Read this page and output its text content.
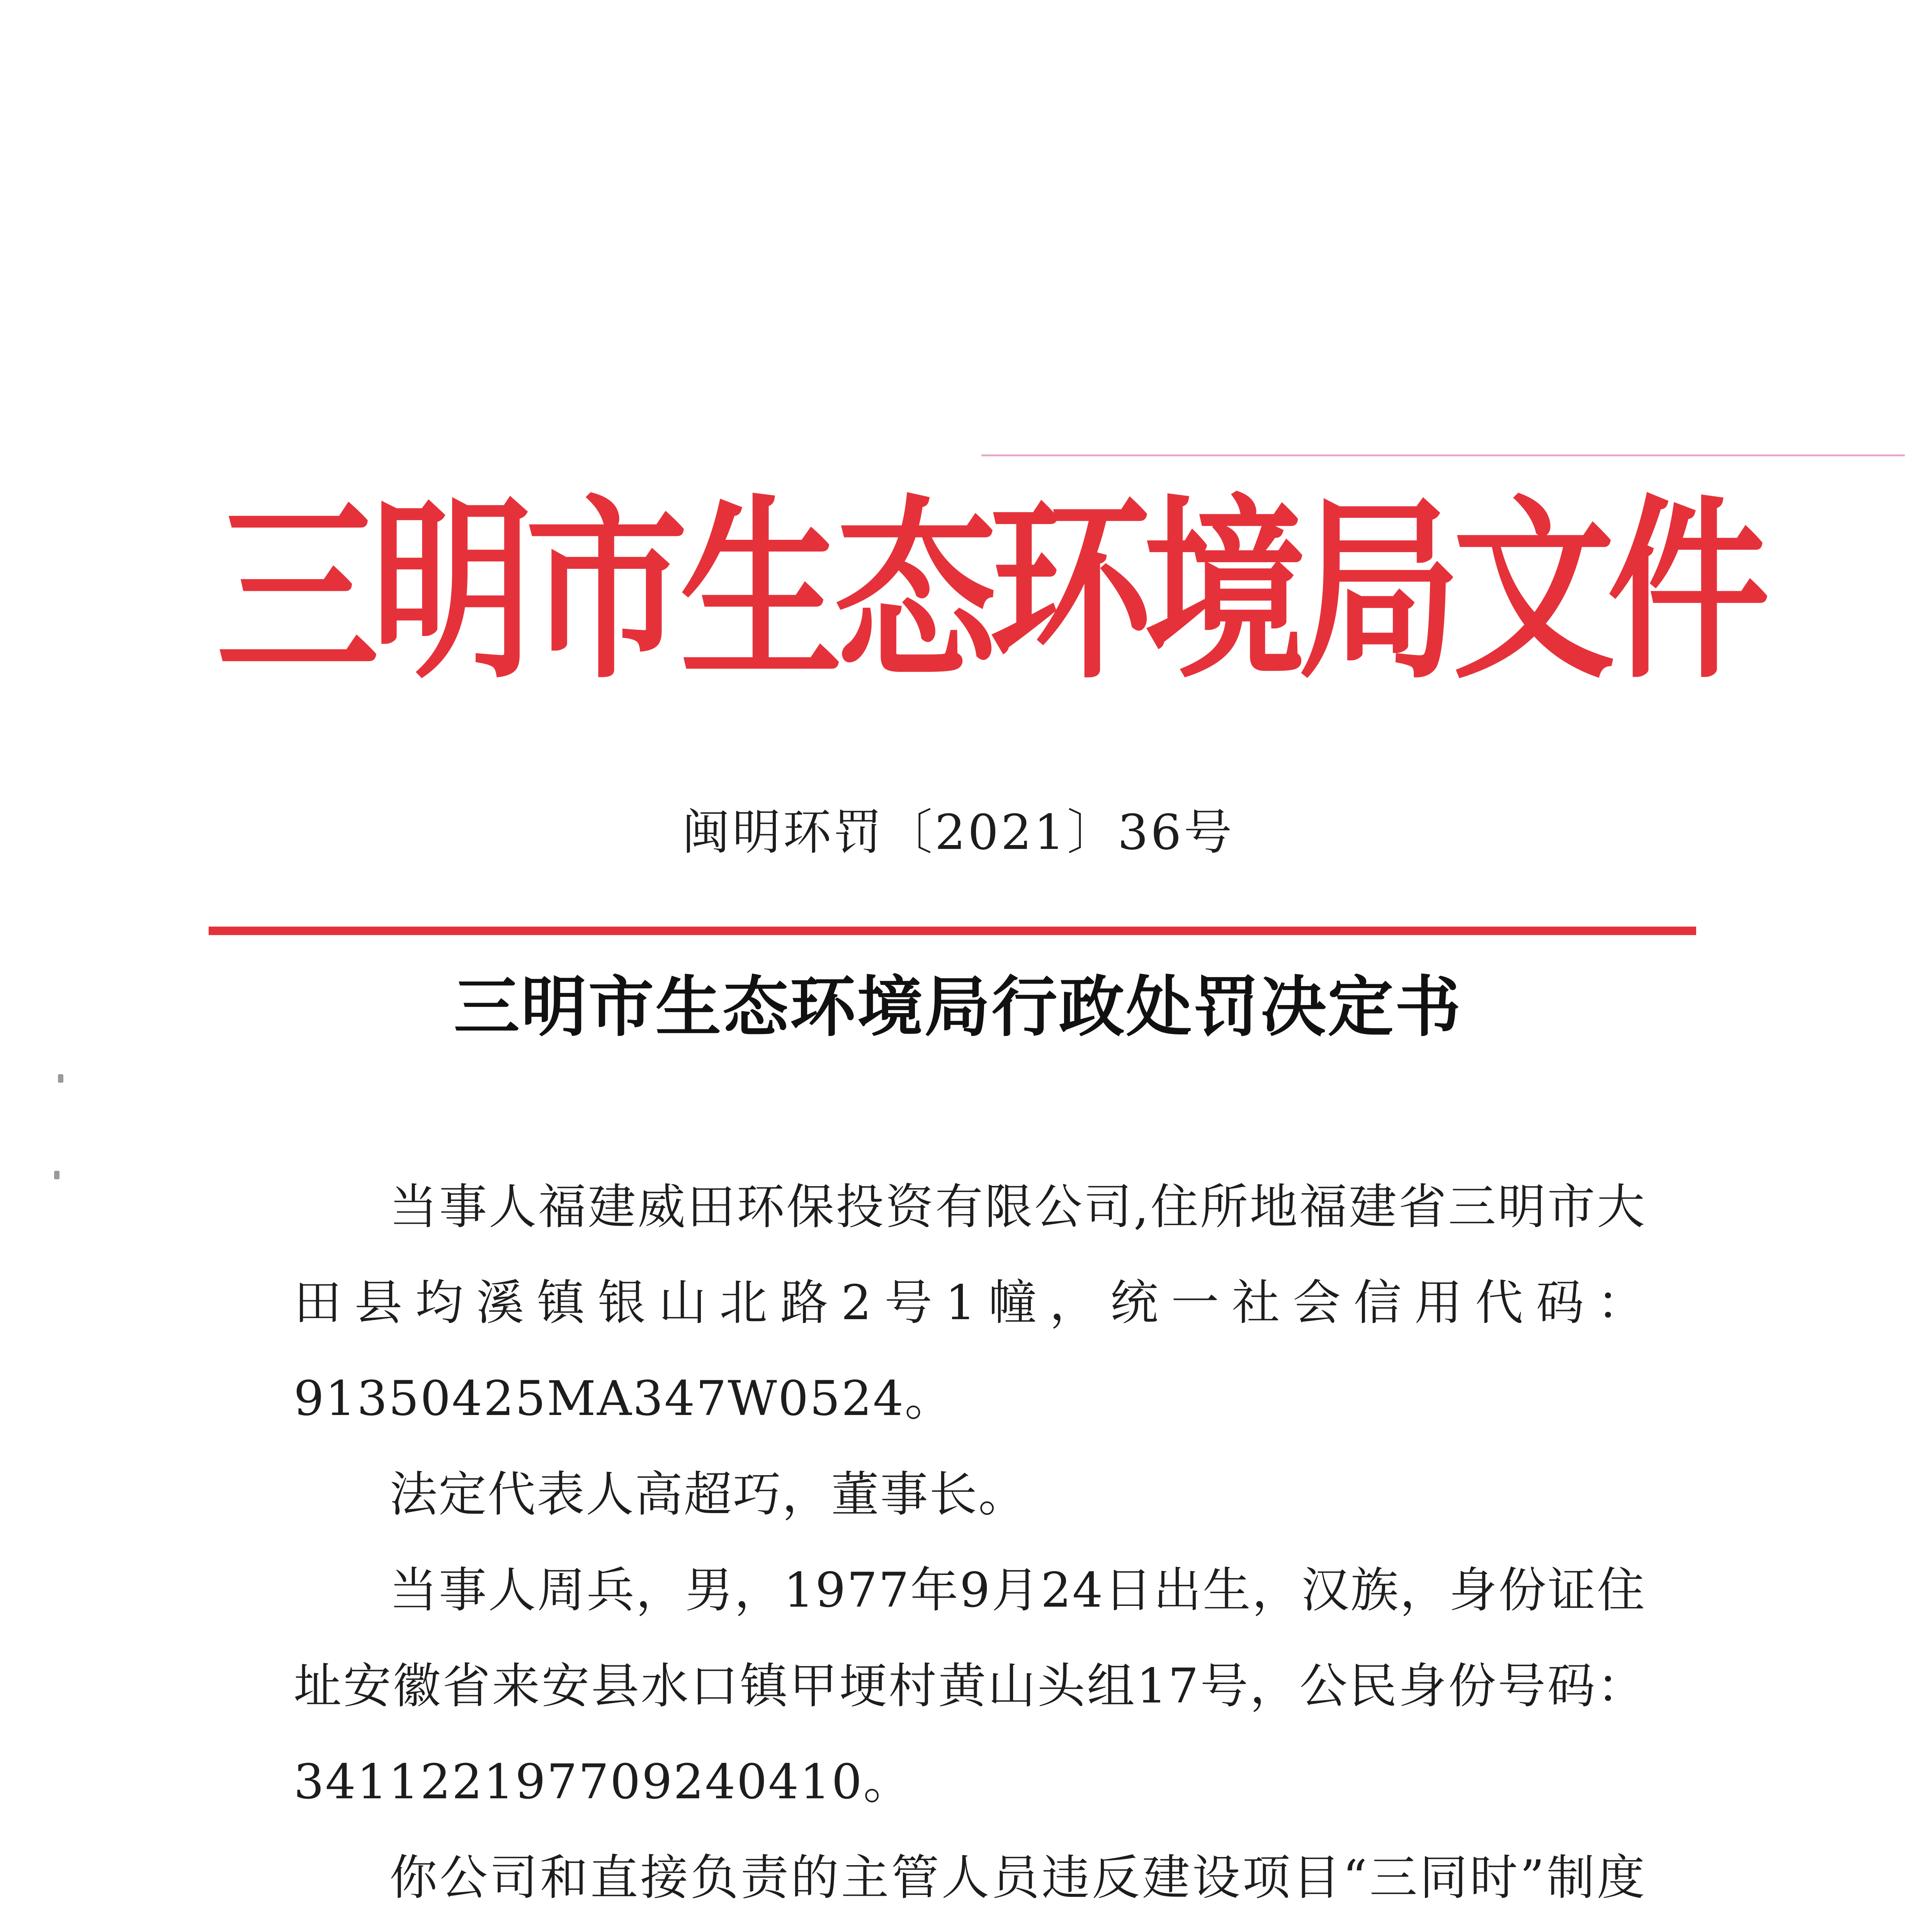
三
明
市
生
态
环
境
局
文
件
闽明环罚〔2021〕36号
三明市生态环境局行政处罚决定书

当事人福建威田环保投资有限公司,住所地福建省三明市大田县均溪镇银山北路2号1幢，统一社会信用代码：91350425MA347W0524。

法定代表人高超巧，董事长。

当事人周兵，男，1977年9月24日出生，汉族，身份证住址安徽省来安县水口镇甲埂村黄山头组17号，公民身份号码：341122197709240410。

你公司和直接负责的主管人员违反建设项目“三同时”制度
